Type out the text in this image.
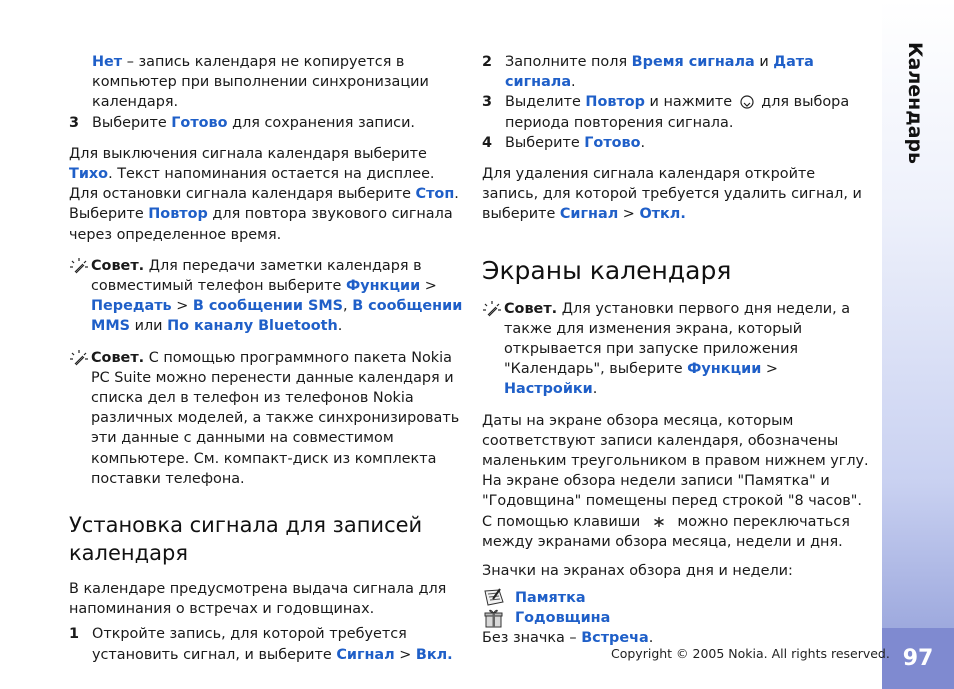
Нет – запись календаря не копируется в компьютер при выполнении синхронизации календаря.

3 Выберите Готово для сохранения записи.

Для выключения сигнала календаря выберите Тихо. Текст напоминания остается на дисплее. Для остановки сигнала календаря выберите Стоп. Выберите Повтор для повтора звукового сигнала через определенное время.

Совет. Для передачи заметки календаря в совместимый телефон выберите Функции > Передать > В сообщении SMS, В сообщении MMS или По каналу Bluetooth.

Совет. С помощью программного пакета Nokia PC Suite можно перенести данные календаря и списка дел в телефон из телефонов Nokia различных моделей, а также синхронизировать эти данные с данными на совместимом компьютере. См. компакт-диск из комплекта поставки телефона.

Установка сигнала для записей календаря

В календаре предусмотрена выдача сигнала для напоминания о встречах и годовщинах.

1 Откройте запись, для которой требуется установить сигнал, и выберите Сигнал > Вкл.

2 Заполните поля Время сигнала и Дата сигнала.

3 Выделите Повтор и нажмите  для выбора периода повторения сигнала.

4 Выберите Готово.

Для удаления сигнала календаря откройте запись, для которой требуется удалить сигнал, и выберите Сигнал > Откл.

Экраны календаря

Совет. Для установки первого дня недели, а также для изменения экрана, который открывается при запуске приложения "Календарь", выберите Функции > Настройки.

Даты на экране обзора месяца, которым соответствуют записи календаря, обозначены маленьким треугольником в правом нижнем углу. На экране обзора недели записи "Памятка" и "Годовщина" помещены перед строкой "8 часов". С помощью клавиши  можно переключаться между экранами обзора месяца, недели и дня.

Значки на экранах обзора дня и недели:

Памятка
Годовщина

Без значка – Встреча.

Календарь
97
Copyright © 2005 Nokia. All rights reserved.
